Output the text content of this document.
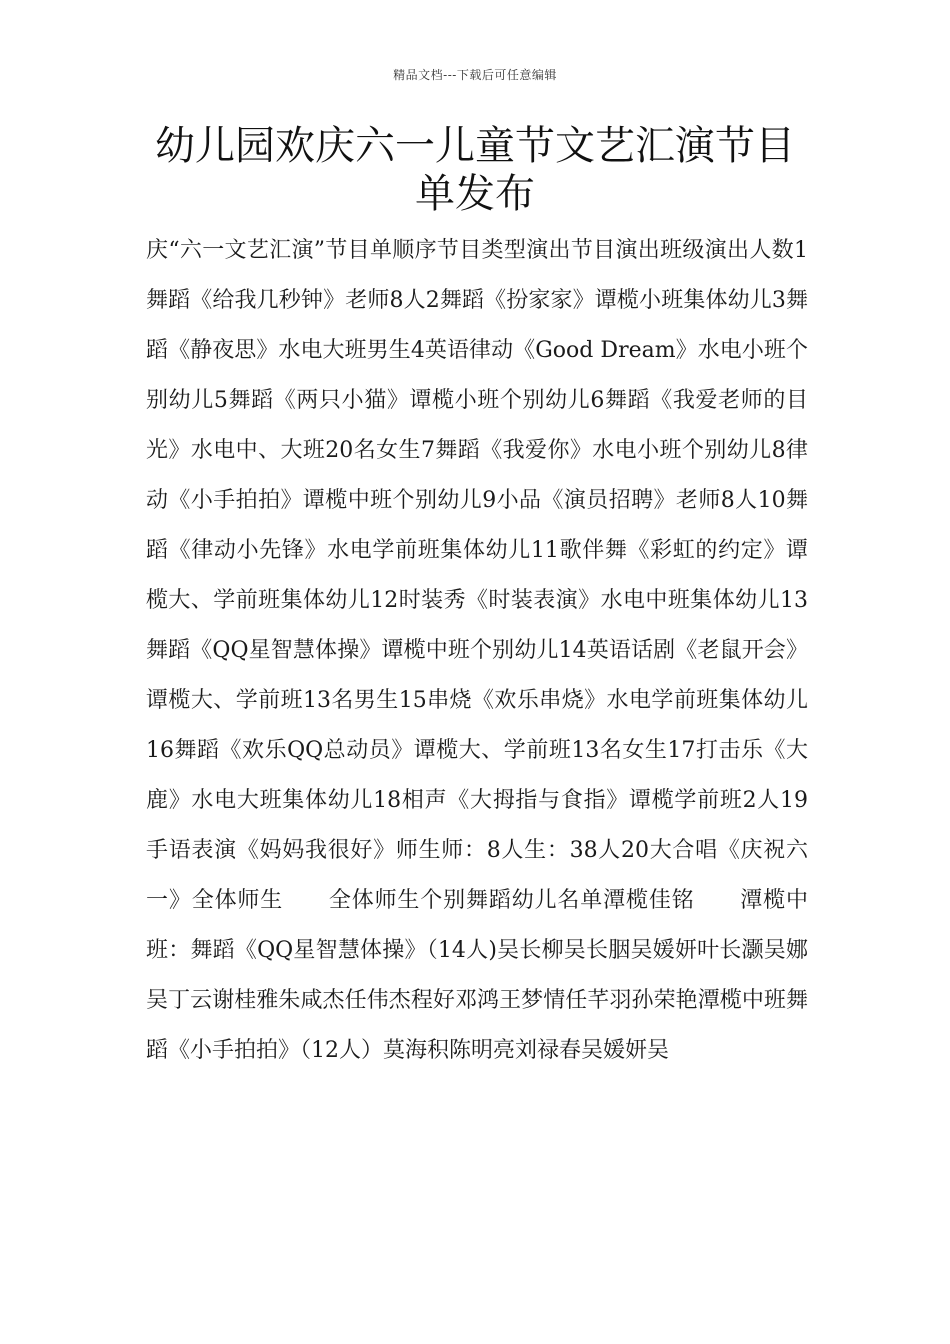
精品文档---下载后可任意编辑
幼儿园欢庆六一儿童节文艺汇演节目单发布

庆“六一文艺汇演”节目单顺序节目类型演出节目演出班级演出人数1舞蹈《给我几秒钟》老师8人2舞蹈《扮家家》谭榄小班集体幼儿3舞蹈《静夜思》水电大班男生4英语律动《Good Dream》水电小班个别幼儿5舞蹈《两只小猫》谭榄小班个别幼儿6舞蹈《我爱老师的目光》水电中、大班20名女生7舞蹈《我爱你》水电小班个别幼儿8律动《小手拍拍》谭榄中班个别幼儿9小品《演员招聘》老师8人10舞蹈《律动小先锋》水电学前班集体幼儿11歌伴舞《彩虹的约定》谭榄大、学前班集体幼儿12时装秀《时装表演》水电中班集体幼儿13舞蹈《QQ星智慧体操》谭榄中班个别幼儿14英语话剧《老鼠开会》谭榄大、学前班13名男生15串烧《欢乐串烧》水电学前班集体幼儿16舞蹈《欢乐QQ总动员》谭榄大、学前班13名女生17打击乐《大鹿》水电大班集体幼儿18相声《大拇指与食指》谭榄学前班2人19手语表演《妈妈我很好》师生师：8人生：38人20大合唱《庆祝六一》全体师生　　全体师生个别舞蹈幼儿名单潭榄佳铭　　潭榄中班：舞蹈《QQ星智慧体操》（14人)吴长柳吴长胭吴媛妍叶长灏吴娜吴丁云谢桂雅朱咸杰任伟杰程好邓鸿王梦情任芊羽孙荣艳潭榄中班舞蹈《小手拍拍》（12人）莫海积陈明亮刘禄春吴媛妍吴
